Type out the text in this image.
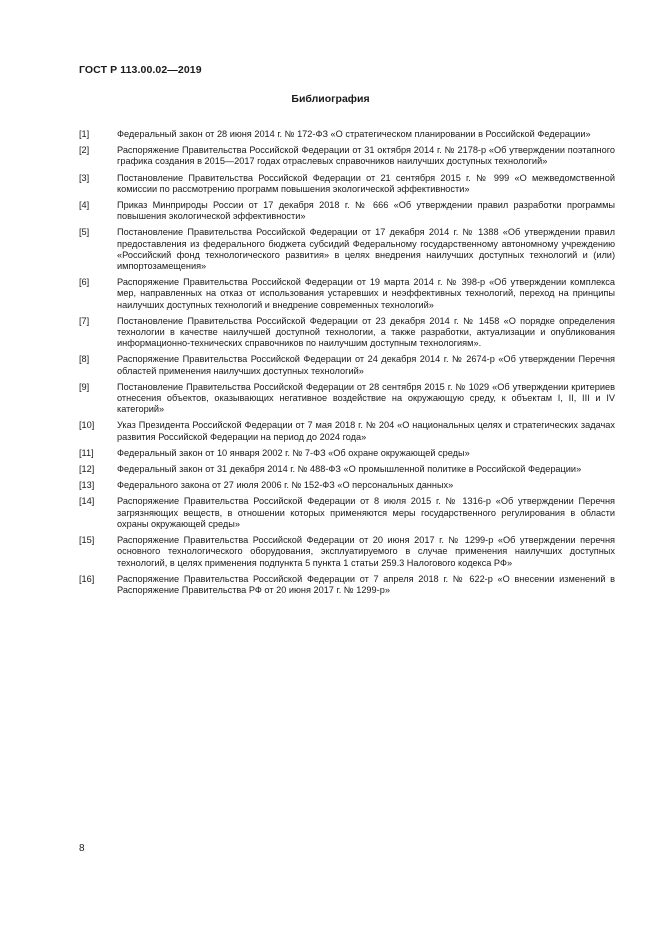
ГОСТ Р 113.00.02—2019
Библиография
[1]	Федеральный закон от 28 июня 2014 г. № 172-ФЗ «О стратегическом планировании в Российской Федерации»
[2]	Распоряжение Правительства Российской Федерации от 31 октября 2014 г. № 2178-р «Об утверждении поэтапного графика создания в 2015—2017 годах отраслевых справочников наилучших доступных технологий»
[3]	Постановление Правительства Российской Федерации от 21 сентября 2015 г. № 999 «О межведомственной комиссии по рассмотрению программ повышения экологической эффективности»
[4]	Приказ Минприроды России от 17 декабря 2018 г. № 666 «Об утверждении правил разработки программы повышения экологической эффективности»
[5]	Постановление Правительства Российской Федерации от 17 декабря 2014 г. № 1388 «Об утверждении правил предоставления из федерального бюджета субсидий Федеральному государственному автономному учреждению «Российский фонд технологического развития» в целях внедрения наилучших доступных технологий и (или) импортозамещения»
[6]	Распоряжение Правительства Российской Федерации от 19 марта 2014 г. № 398-р «Об утверждении комплекса мер, направленных на отказ от использования устаревших и неэффективных технологий, переход на принципы наилучших доступных технологий и внедрение современных технологий»
[7]	Постановление Правительства Российской Федерации от 23 декабря 2014 г. № 1458 «О порядке определения технологии в качестве наилучшей доступной технологии, а также разработки, актуализации и опубликования информационно-технических справочников по наилучшим доступным технологиям».
[8]	Распоряжение Правительства Российской Федерации от 24 декабря 2014 г. № 2674-р «Об утверждении Перечня областей применения наилучших доступных технологий»
[9]	Постановление Правительства Российской Федерации от 28 сентября 2015 г. № 1029 «Об утверждении критериев отнесения объектов, оказывающих негативное воздействие на окружающую среду, к объектам I, II, III и IV категорий»
[10]	Указ Президента Российской Федерации от 7 мая 2018 г. № 204 «О национальных целях и стратегических задачах развития Российской Федерации на период до 2024 года»
[11]	Федеральный закон от 10 января 2002 г. № 7-ФЗ «Об охране окружающей среды»
[12]	Федеральный закон от 31 декабря 2014 г. № 488-ФЗ «О промышленной политике в Российской Федерации»
[13]	Федерального закона от 27 июля 2006 г. № 152-ФЗ «О персональных данных»
[14]	Распоряжение Правительства Российской Федерации от 8 июля 2015 г. № 1316-р «Об утверждении Перечня загрязняющих веществ, в отношении которых применяются меры государственного регулирования в области охраны окружающей среды»
[15]	Распоряжение Правительства Российской Федерации от 20 июня 2017 г. № 1299-р «Об утверждении перечня основного технологического оборудования, эксплуатируемого в случае применения наилучших доступных технологий, в целях применения подпункта 5 пункта 1 статьи 259.3 Налогового кодекса РФ»
[16]	Распоряжение Правительства Российской Федерации от 7 апреля 2018 г. № 622-р «О внесении изменений в Распоряжение Правительства РФ от 20 июня 2017 г. № 1299-р»
8
